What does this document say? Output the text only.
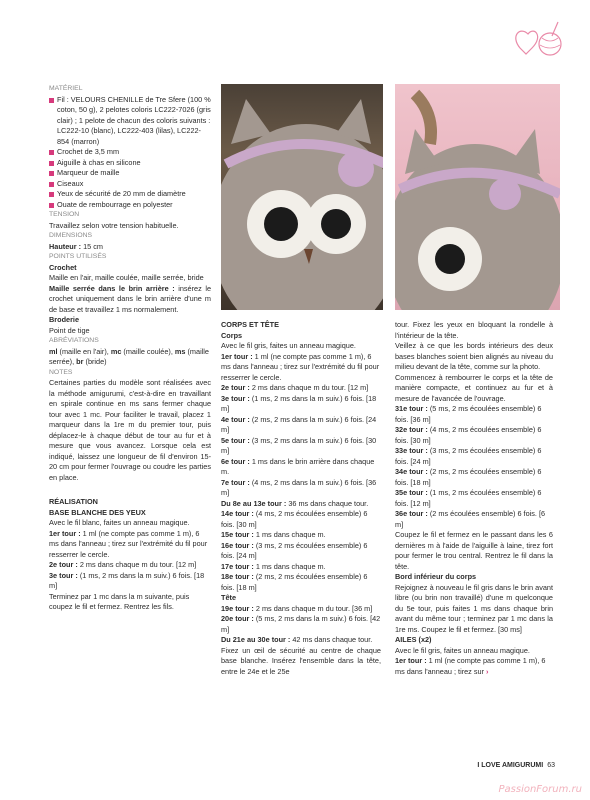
MATÉRIEL

Fil : VELOURS CHENILLE de Tre Sfere (100 % coton, 50 g), 2 pelotes coloris LC222-7026 (gris clair) ; 1 pelote de chacun des coloris suivants : LC222-10 (blanc), LC222-403 (lilas), LC222-854 (marron)
Crochet de 3,5 mm
Aiguille à chas en silicone
Marqueur de maille
Ciseaux
Yeux de sécurité de 20 mm de diamètre
Ouate de rembourrage en polyester

TENSION

Travaillez selon votre tension habituelle.

DIMENSIONS

Hauteur : 15 cm

POINTS UTILISÉS

Crochet

Maille en l'air, maille coulée, maille serrée, bride

Maille serrée dans le brin arrière : insérez le crochet uniquement dans le brin arrière d'une m de base et travaillez 1 ms normalement.

Broderie

Point de tige

ABRÉVIATIONS

ml (maille en l'air), mc (maille coulée), ms (maille serrée), br (bride)

NOTES

Certaines parties du modèle sont réalisées avec la méthode amigurumi, c'est-à-dire en travaillant en spirale continue en ms sans fermer chaque tour avec 1 mc. Pour faciliter le travail, placez 1 marqueur dans la 1re m du premier tour, puis déplacez-le à chaque début de tour au fur et à mesure que vous avancez. Lorsque cela est indiqué, laissez une longueur de fil d'environ 15-20 cm pour fermer l'ouvrage ou coudre les parties en place.

RÉALISATION

BASE BLANCHE DES YEUX

Avec le fil blanc, faites un anneau magique.

1er tour : 1 ml (ne compte pas comme 1 m), 6 ms dans l'anneau ; tirez sur l'extrémité du fil pour resserrer le cercle.

2e tour : 2 ms dans chaque m du tour. [12 m]

3e tour : (1 ms, 2 ms dans la m suiv.) 6 fois. [18 m]

Terminez par 1 mc dans la m suivante, puis coupez le fil et fermez. Rentrez les fils.

CORPS ET TÊTE

Corps

Avec le fil gris, faites un anneau magique.

1er tour : 1 ml (ne compte pas comme 1 m), 6 ms dans l'anneau ; tirez sur l'extrémité du fil pour resserrer le cercle.

2e tour : 2 ms dans chaque m du tour. [12 m]

3e tour : (1 ms, 2 ms dans la m suiv.) 6 fois. [18 m]

4e tour : (2 ms, 2 ms dans la m suiv.) 6 fois. [24 m]

5e tour : (3 ms, 2 ms dans la m suiv.) 6 fois. [30 m]

6e tour : 1 ms dans le brin arrière dans chaque m.

7e tour : (4 ms, 2 ms dans la m suiv.) 6 fois. [36 m]

Du 8e au 13e tour : 36 ms dans chaque tour.

14e tour : (4 ms, 2 ms écoulées ensemble) 6 fois. [30 m]

15e tour : 1 ms dans chaque m.

16e tour : (3 ms, 2 ms écoulées ensemble) 6 fois. [24 m]

17e tour : 1 ms dans chaque m.

18e tour : (2 ms, 2 ms écoulées ensemble) 6 fois. [18 m]

Tête

19e tour : 2 ms dans chaque m du tour. [36 m]

20e tour : (5 ms, 2 ms dans la m suiv.) 6 fois. [42 m]

Du 21e au 30e tour : 42 ms dans chaque tour.

Fixez un œil de sécurité au centre de chaque base blanche. Insérez l'ensemble dans la tête, entre le 24e et le 25e

tour. Fixez les yeux en bloquant la rondelle à l'intérieur de la tête.

Veillez à ce que les bords intérieurs des deux bases blanches soient bien alignés au niveau du milieu devant de la tête, comme sur la photo.

Commencez à rembourrer le corps et la tête de manière compacte, et continuez au fur et à mesure de l'avancée de l'ouvrage.

31e tour : (5 ms, 2 ms écoulées ensemble) 6 fois. [36 m]

32e tour : (4 ms, 2 ms écoulées ensemble) 6 fois. [30 m]

33e tour : (3 ms, 2 ms écoulées ensemble) 6 fois. [24 m]

34e tour : (2 ms, 2 ms écoulées ensemble) 6 fois. [18 m]

35e tour : (1 ms, 2 ms écoulées ensemble) 6 fois. [12 m]

36e tour : (2 ms écoulées ensemble) 6 fois. [6 m]

Coupez le fil et fermez en le passant dans les 6 dernières m à l'aide de l'aiguille à laine, tirez fort pour fermer le trou central. Rentrez le fil dans la tête.

Bord inférieur du corps

Rejoignez à nouveau le fil gris dans le brin avant libre (ou brin non travaillé) d'une m quelconque du 5e tour, puis faites 1 ms dans chaque brin avant du même tour ; terminez par 1 mc dans la 1re ms. Coupez le fil et fermez. [30 ms]

AILES (x2)

Avec le fil gris, faites un anneau magique.

1er tour : 1 ml (ne compte pas comme 1 m), 6 ms dans l'anneau ; tirez sur ›

I LOVE AMIGURUMI 63
PassionForum.ru
